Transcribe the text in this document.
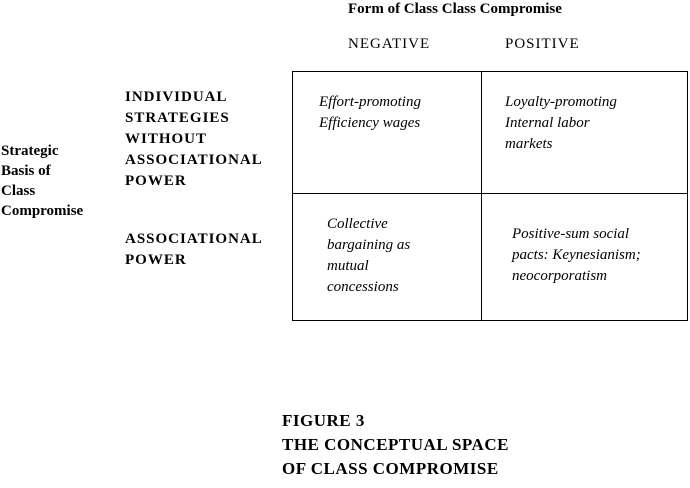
Form of Class Class Compromise
NEGATIVE	POSITIVE
Strategic
Basis of
Class
Compromise
INDIVIDUAL
STRATEGIES
WITHOUT
ASSOCIATIONAL
POWER
ASSOCIATIONAL
POWER
Effort-promoting
Efficiency wages
Loyalty-promoting
Internal labor
markets
Collective
bargaining as
mutual
concessions
Positive-sum social
pacts: Keynesianism;
neocorporatism
FIGURE 3
THE CONCEPTUAL SPACE
OF CLASS COMPROMISE
